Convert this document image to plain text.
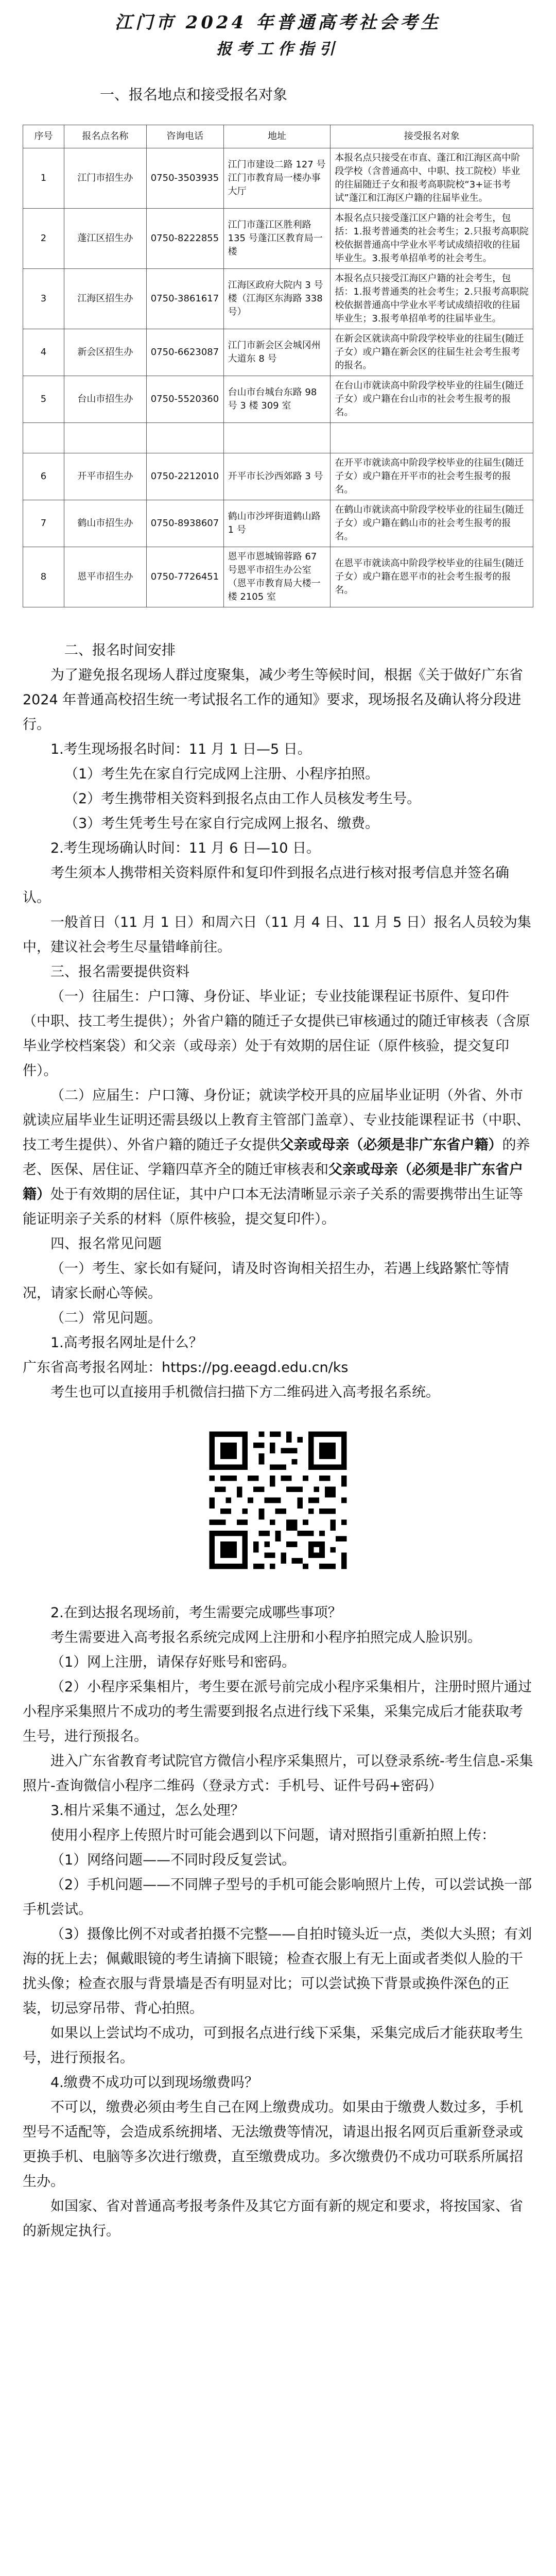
江门市 2024 年普通高考社会考生
报考工作指引
一、报名地点和接受报名对象
序号	报名点名称	咨询电话	地址	接受报名对象
1	江门市招生办	0750-3503935	江门市建设二路 127 号江门市教育局一楼办事大厅	本报名点只接受在市直、蓬江和江海区高中阶段学校（含普通高中、中职、技工院校）毕业的往届随迁子女和报考高职院校“3+证书考试”蓬江和江海区户籍的往届毕业生。
2	蓬江区招生办	0750-8222855	江门市蓬江区胜利路 135 号蓬江区教育局一楼	本报名点只接受蓬江区户籍的社会考生，包括：1.报考普通类的社会考生；2.只报考高职院校依据普通高中学业水平考试成绩招收的往届毕业生。3.报考单招单考的社会考生。
3	江海区招生办	0750-3861617	江海区政府大院内 3 号楼（江海区东海路 338 号）	本报名点只接受江海区户籍的社会考生，包括：1.报考普通类的社会考生；2.只报考高职院校依据普通高中学业水平考试成绩招收的往届毕业生；3.报考单招单考的往届毕业生。
4	新会区招生办	0750-6623087	江门市新会区会城冈州大道东 8 号	在新会区就读高中阶段学校毕业的往届生(随迁子女）或户籍在新会区的往届生社会考生报考的报名。
5	台山市招生办	0750-5520360	台山市台城台东路 98 号 3 楼 309 室	在台山市就读高中阶段学校毕业的往届生(随迁子女）或户籍在台山市的社会考生报考的报名。

6	开平市招生办	0750-2212010	开平市长沙西郊路 3 号	在开平市就读高中阶段学校毕业的往届生(随迁子女）或户籍在开平市的社会考生报考的报名。
7	鹤山市招生办	0750-8938607	鹤山市沙坪街道鹤山路 1 号	在鹤山市就读高中阶段学校毕业的往届生(随迁子女）或户籍在鹤山市的社会考生报考的报名。
8	恩平市招生办	0750-7726451	恩平市恩城锦蓉路 67 号恩平市招生办公室（恩平市教育局大楼一楼 2105 室	在恩平市就读高中阶段学校毕业的往届生(随迁子女）或户籍在恩平市的社会考生报考的报名。

二、报名时间安排

为了避免报名现场人群过度聚集，减少考生等候时间，根据《关于做好广东省 2024 年普通高校招生统一考试报名工作的通知》要求，现场报名及确认将分段进行。

1.考生现场报名时间：11 月 1 日—5 日。

（1）考生先在家自行完成网上注册、小程序拍照。

（2）考生携带相关资料到报名点由工作人员核发考生号。

（3）考生凭考生号在家自行完成网上报名、缴费。

2.考生现场确认时间：11 月 6 日—10 日。

考生须本人携带相关资料原件和复印件到报名点进行核对报考信息并签名确认。

一般首日（11 月 1 日）和周六日（11 月 4 日、11 月 5 日）报名人员较为集中，建议社会考生尽量错峰前往。

三、报名需要提供资料

（一）往届生：户口簿、身份证、毕业证；专业技能课程证书原件、复印件（中职、技工考生提供）；外省户籍的随迁子女提供已审核通过的随迁审核表（含原毕业学校档案袋）和父亲（或母亲）处于有效期的居住证（原件核验，提交复印件）。

（二）应届生：户口簿、身份证；就读学校开具的应届毕业证明（外省、外市就读应届毕业生证明还需县级以上教育主管部门盖章）、专业技能课程证书（中职、技工考生提供）、外省户籍的随迁子女提供父亲或母亲（必须是非广东省户籍）的养老、医保、居住证、学籍四草齐全的随迁审核表和父亲或母亲（必须是非广东省户籍）处于有效期的居住证，其中户口本无法清晰显示亲子关系的需要携带出生证等能证明亲子关系的材料（原件核验，提交复印件）。

四、报名常见问题

（一）考生、家长如有疑问，请及时咨询相关招生办，若遇上线路繁忙等情况，请家长耐心等候。

（二）常见问题。

1.高考报名网址是什么？

广东省高考报名网址：https://pg.eeagd.edu.cn/ks

考生也可以直接用手机微信扫描下方二维码进入高考报名系统。

2.在到达报名现场前，考生需要完成哪些事项？

考生需要进入高考报名系统完成网上注册和小程序拍照完成人脸识别。

（1）网上注册，请保存好账号和密码。

（2）小程序采集相片，考生要在派号前完成小程序采集相片，注册时照片通过小程序采集照片不成功的考生需要到报名点进行线下采集，采集完成后才能获取考生号，进行预报名。

进入广东省教育考试院官方微信小程序采集照片，可以登录系统-考生信息-采集照片-查询微信小程序二维码（登录方式：手机号、证件号码+密码）

3.相片采集不通过，怎么处理？

使用小程序上传照片时可能会遇到以下问题，请对照指引重新拍照上传：

（1）网络问题——不同时段反复尝试。

（2）手机问题——不同牌子型号的手机可能会影响照片上传，可以尝试换一部手机尝试。

（3）摄像比例不对或者拍摄不完整——自拍时镜头近一点，类似大头照；有刘海的抚上去；佩戴眼镜的考生请摘下眼镜；检查衣服上有无上面或者类似人脸的干扰头像；检查衣服与背景墙是否有明显对比；可以尝试换下背景或换件深色的正装，切忌穿吊带、背心拍照。

如果以上尝试均不成功，可到报名点进行线下采集，采集完成后才能获取考生号，进行预报名。

4.缴费不成功可以到现场缴费吗？

不可以，缴费必须由考生自己在网上缴费成功。如果由于缴费人数过多，手机型号不适配等，会造成系统拥堵、无法缴费等情况，请退出报名网页后重新登录或更换手机、电脑等多次进行缴费，直至缴费成功。多次缴费仍不成功可联系所属招生办。

如国家、省对普通高考报考条件及其它方面有新的规定和要求，将按国家、省的新规定执行。
